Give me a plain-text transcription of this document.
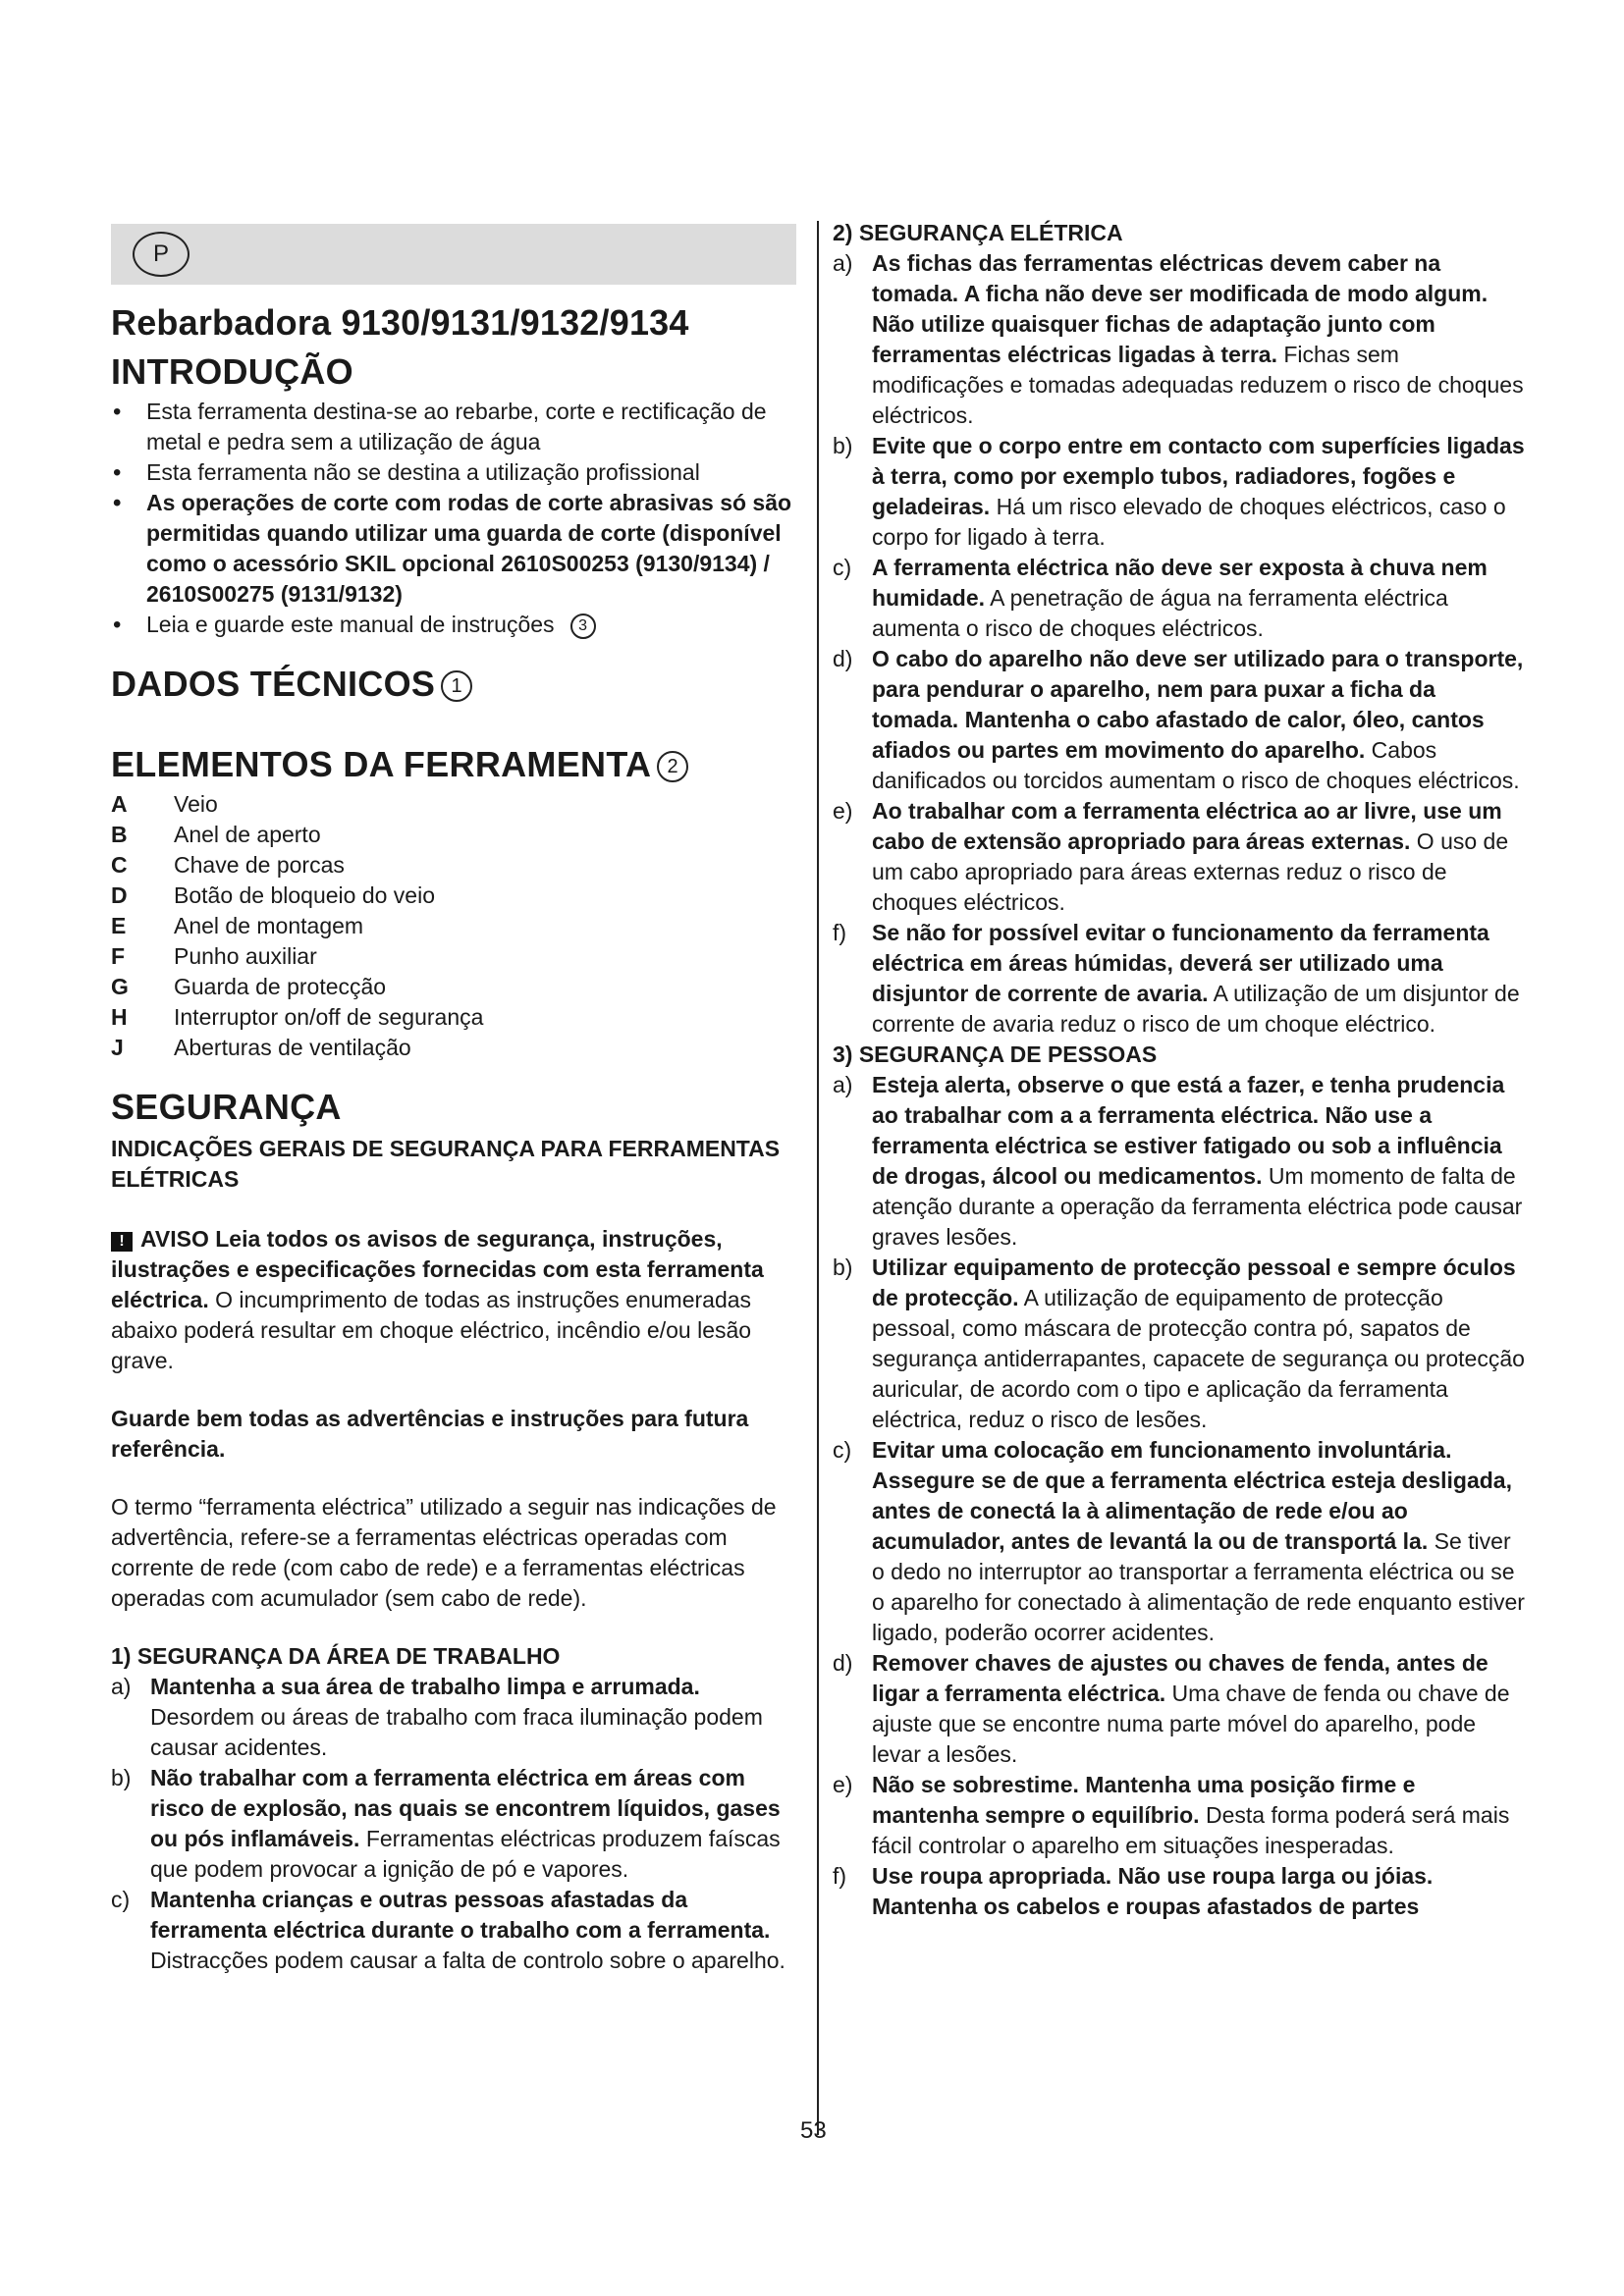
P
Rebarbadora 9130/9131/9132/9134
INTRODUÇÃO
• Esta ferramenta destina-se ao rebarbe, corte e rectificação de metal e pedra sem a utilização de água
• Esta ferramenta não se destina a utilização profissional
• As operações de corte com rodas de corte abrasivas só são permitidas quando utilizar uma guarda de corte (disponível como o acessório SKIL opcional 2610S00253 (9130/9134) / 2610S00275 (9131/9132)
• Leia e guarde este manual de instruções 3
DADOS TÉCNICOS 1
ELEMENTOS DA FERRAMENTA 2
A	Veio
B	Anel de aperto
C	Chave de porcas
D	Botão de bloqueio do veio
E	Anel de montagem
F	Punho auxiliar
G	Guarda de protecção
H	Interruptor on/off de segurança
J	Aberturas de ventilação
SEGURANÇA
INDICAÇÕES GERAIS DE SEGURANÇA PARA FERRAMENTAS ELÉTRICAS
! AVISO Leia todos os avisos de segurança, instruções, ilustrações e especificações fornecidas com esta ferramenta eléctrica. O incumprimento de todas as instruções enumeradas abaixo poderá resultar em choque eléctrico, incêndio e/ou lesão grave.
Guarde bem todas as advertências e instruções para futura referência.
O termo “ferramenta eléctrica” utilizado a seguir nas indicações de advertência, refere-se a ferramentas eléctricas operadas com corrente de rede (com cabo de rede) e a ferramentas eléctricas operadas com acumulador (sem cabo de rede).
1) SEGURANÇA DA ÁREA DE TRABALHO
a) Mantenha a sua área de trabalho limpa e arrumada. Desordem ou áreas de trabalho com fraca iluminação podem causar acidentes.
b) Não trabalhar com a ferramenta eléctrica em áreas com risco de explosão, nas quais se encontrem líquidos, gases ou pós inflamáveis. Ferramentas eléctricas produzem faíscas que podem provocar a ignição de pó e vapores.
c) Mantenha crianças e outras pessoas afastadas da ferramenta eléctrica durante o trabalho com a ferramenta. Distracções podem causar a falta de controlo sobre o aparelho.
2) SEGURANÇA ELÉTRICA
a) As fichas das ferramentas eléctricas devem caber na tomada. A ficha não deve ser modificada de modo algum. Não utilize quaisquer fichas de adaptação junto com ferramentas eléctricas ligadas à terra. Fichas sem modificações e tomadas adequadas reduzem o risco de choques eléctricos.
b) Evite que o corpo entre em contacto com superfícies ligadas à terra, como por exemplo tubos, radiadores, fogões e geladeiras. Há um risco elevado de choques eléctricos, caso o corpo for ligado à terra.
c) A ferramenta eléctrica não deve ser exposta à chuva nem humidade. A penetração de água na ferramenta eléctrica aumenta o risco de choques eléctricos.
d) O cabo do aparelho não deve ser utilizado para o transporte, para pendurar o aparelho, nem para puxar a ficha da tomada. Mantenha o cabo afastado de calor, óleo, cantos afiados ou partes em movimento do aparelho. Cabos danificados ou torcidos aumentam o risco de choques eléctricos.
e) Ao trabalhar com a ferramenta eléctrica ao ar livre, use um cabo de extensão apropriado para áreas externas. O uso de um cabo apropriado para áreas externas reduz o risco de choques eléctricos.
f) Se não for possível evitar o funcionamento da ferramenta eléctrica em áreas húmidas, deverá ser utilizado uma disjuntor de corrente de avaria. A utilização de um disjuntor de corrente de avaria reduz o risco de um choque eléctrico.
3) SEGURANÇA DE PESSOAS
a) Esteja alerta, observe o que está a fazer, e tenha prudencia ao trabalhar com a a ferramenta eléctrica. Não use a ferramenta eléctrica se estiver fatigado ou sob a influência de drogas, álcool ou medicamentos. Um momento de falta de atenção durante a operação da ferramenta eléctrica pode causar graves lesões.
b) Utilizar equipamento de protecção pessoal e sempre óculos de protecção. A utilização de equipamento de protecção pessoal, como máscara de protecção contra pó, sapatos de segurança antiderrapantes, capacete de segurança ou protecção auricular, de acordo com o tipo e aplicação da ferramenta eléctrica, reduz o risco de lesões.
c) Evitar uma colocação em funcionamento involuntária. Assegure se de que a ferramenta eléctrica esteja desligada, antes de conectá la à alimentação de rede e/ou ao acumulador, antes de levantá la ou de transportá la. Se tiver o dedo no interruptor ao transportar a ferramenta eléctrica ou se o aparelho for conectado à alimentação de rede enquanto estiver ligado, poderão ocorrer acidentes.
d) Remover chaves de ajustes ou chaves de fenda, antes de ligar a ferramenta eléctrica. Uma chave de fenda ou chave de ajuste que se encontre numa parte móvel do aparelho, pode levar a lesões.
e) Não se sobrestime. Mantenha uma posição firme e mantenha sempre o equilíbrio. Desta forma poderá será mais fácil controlar o aparelho em situações inesperadas.
f) Use roupa apropriada. Não use roupa larga ou jóias. Mantenha os cabelos e roupas afastados de partes
53
